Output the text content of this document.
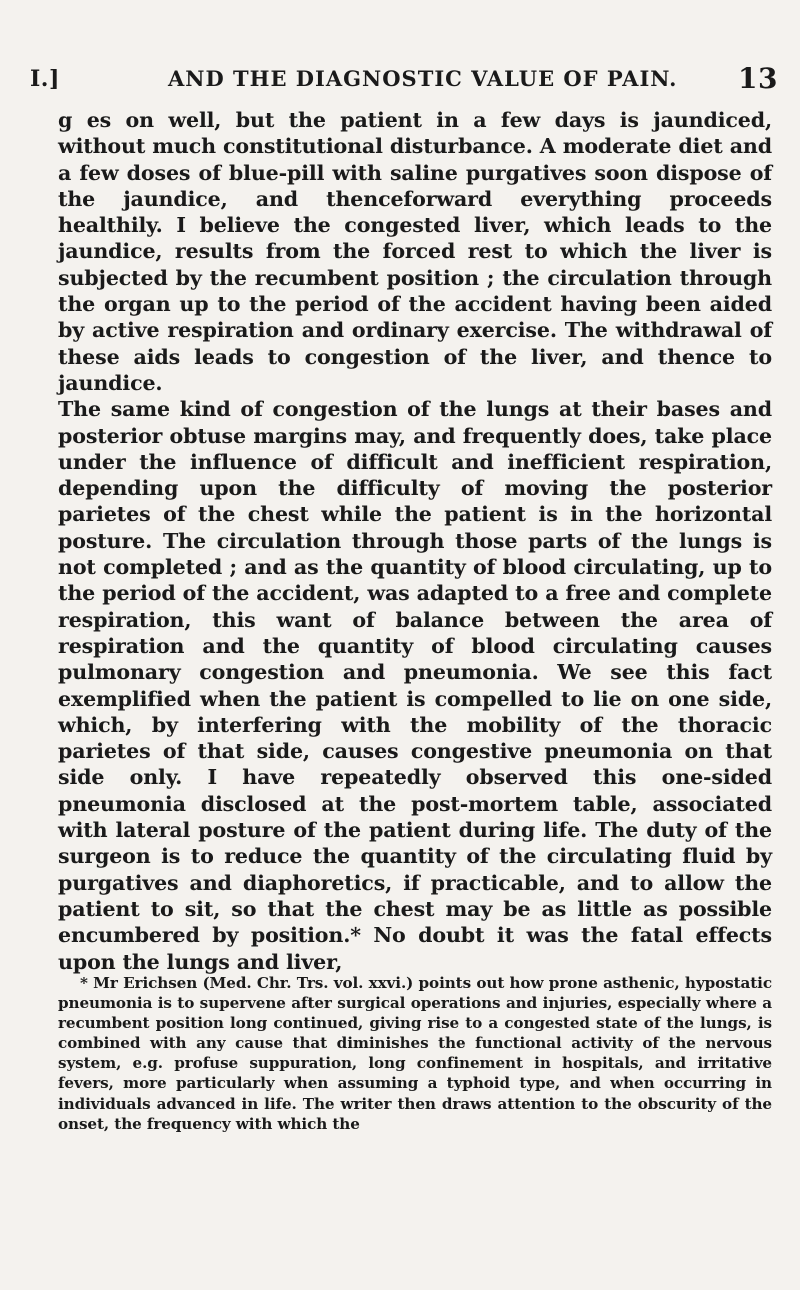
I.]	AND THE DIAGNOSTIC VALUE OF PAIN. 13

g es on well, but the patient in a few days is jaundiced, without much constitutional disturbance. A moderate diet and a few doses of blue-pill with saline purgatives soon dispose of the jaundice, and thenceforward everything proceeds healthily. I believe the congested liver, which leads to the jaundice, results from the forced rest to which the liver is subjected by the recumbent position ; the circulation through the organ up to the period of the accident having been aided by active respiration and ordinary exercise. The withdrawal of these aids leads to congestion of the liver, and thence to jaundice.

The same kind of congestion of the lungs at their bases and posterior obtuse margins may, and frequently does, take place under the influence of difficult and inefficient respiration, depending upon the difficulty of moving the posterior parietes of the chest while the patient is in the horizontal posture. The circulation through those parts of the lungs is not completed ; and as the quantity of blood circulating, up to the period of the accident, was adapted to a free and complete respiration, this want of balance between the area of respiration and the quantity of blood circulating causes pulmonary congestion and pneumonia. We see this fact exemplified when the patient is compelled to lie on one side, which, by interfering with the mobility of the thoracic parietes of that side, causes congestive pneumonia on that side only. I have repeatedly observed this one-sided pneumonia disclosed at the post-mortem table, associated with lateral posture of the patient during life. The duty of the surgeon is to reduce the quantity of the circulating fluid by purgatives and diaphoretics, if practicable, and to allow the patient to sit, so that the chest may be as little as possible encumbered by position.* No doubt it was the fatal effects upon the lungs and liver,

* Mr Erichsen (Med. Chr. Trs. vol. xxvi.) points out how prone asthenic, hypostatic pneumonia is to supervene after surgical operations and injuries, especially where a recumbent position long continued, giving rise to a congested state of the lungs, is combined with any cause that diminishes the functional activity of the nervous system, e.g. profuse suppuration, long confinement in hospitals, and irritative fevers, more particularly when assuming a typhoid type, and when occurring in individuals advanced in life. The writer then draws attention to the obscurity of the onset, the frequency with which the
